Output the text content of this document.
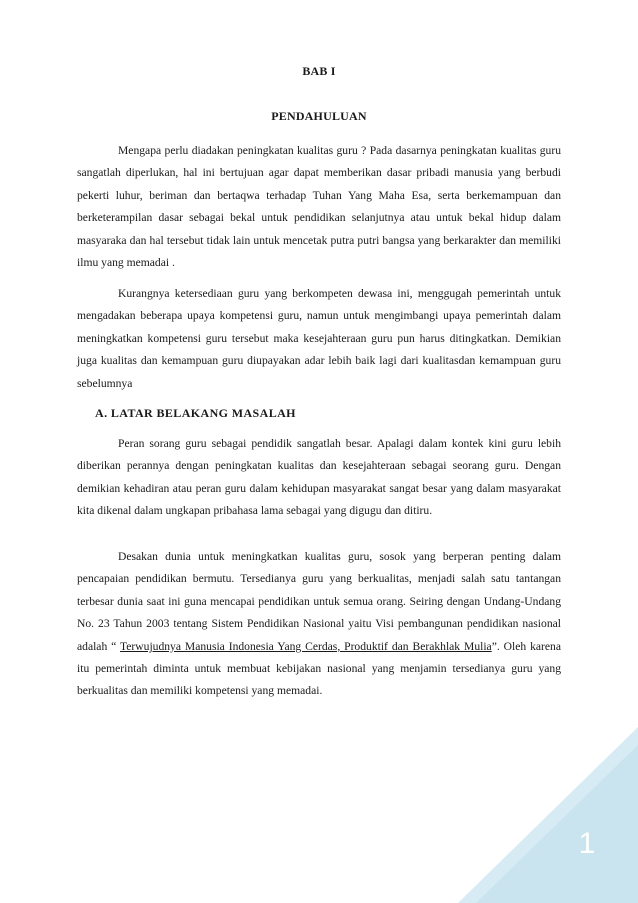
BAB I
PENDAHULUAN

Mengapa perlu diadakan peningkatan kualitas guru ? Pada dasarnya peningkatan kualitas guru sangatlah diperlukan, hal ini bertujuan agar dapat memberikan dasar pribadi manusia yang berbudi pekerti luhur, beriman dan bertaqwa terhadap Tuhan Yang Maha Esa, serta berkemampuan dan berketerampilan dasar sebagai bekal untuk pendidikan selanjutnya atau untuk bekal hidup dalam masyaraka dan hal tersebut tidak lain untuk mencetak putra putri bangsa yang berkarakter dan memiliki ilmu yang memadai .

Kurangnya ketersediaan guru yang berkompeten dewasa ini, menggugah pemerintah untuk mengadakan beberapa upaya kompetensi guru, namun untuk mengimbangi upaya pemerintah dalam meningkatkan kompetensi guru tersebut maka kesejahteraan guru pun harus ditingkatkan. Demikian juga kualitas dan kemampuan guru diupayakan adar lebih baik lagi dari kualitasdan kemampuan guru sebelumnya

A. LATAR BELAKANG MASALAH

Peran sorang guru sebagai pendidik sangatlah besar. Apalagi dalam kontek kini guru lebih diberikan perannya dengan peningkatan kualitas dan kesejahteraan sebagai seorang guru. Dengan demikian kehadiran atau peran guru dalam kehidupan masyarakat sangat besar yang dalam masyarakat kita dikenal dalam ungkapan pribahasa lama sebagai yang digugu dan ditiru.

Desakan dunia untuk meningkatkan kualitas guru, sosok yang berperan penting dalam pencapaian pendidikan bermutu. Tersedianya guru yang berkualitas, menjadi salah satu tantangan terbesar dunia saat ini guna mencapai pendidikan untuk semua orang. Seiring dengan Undang-Undang No. 23 Tahun 2003 tentang Sistem Pendidikan Nasional yaitu Visi pembangunan pendidikan nasional adalah “ Terwujudnya Manusia Indonesia Yang Cerdas, Produktif dan Berakhlak Mulia”. Oleh karena itu pemerintah diminta untuk membuat kebijakan nasional yang menjamin tersedianya guru yang berkualitas dan memiliki kompetensi yang memadai.

1
